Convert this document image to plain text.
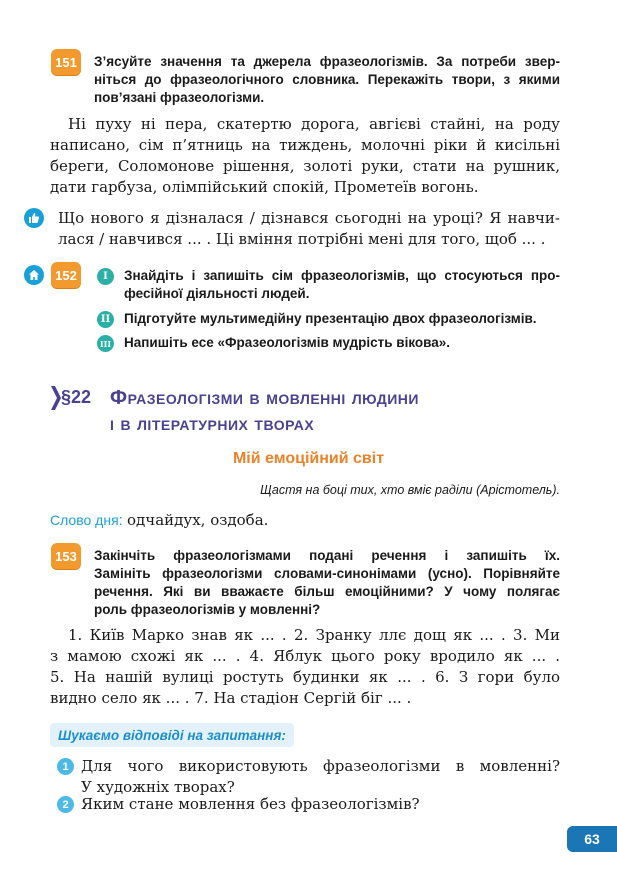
151 З’ясуйте значення та джерела фразеологізмів. За потреби звер-
ніться до фразеологічного словника. Перекажіть твори, з якими
пов’язані фразеологізми.
Ні пуху ні пера, скатертю дорога, авгієві стайні, на роду
написано, сім п’ятниць на тиждень, молочні ріки й кисільні
береги, Соломонове рішення, золоті руки, стати на рушник,
дати гарбуза, олімпійський спокій, Прометеїв вогонь.
Що нового я дізналася / дізнався сьогодні на уроці? Я навчи-
лася / навчився ... . Ці вміння потрібні мені для того, щоб ... .
152	I Знайдіть і запишіть сім фразеологізмів, що стосуються про-
фесійної діяльності людей.
II Підготуйте мультимедійну презентацію двох фразеологізмів.
III Напишіть есе «Фразеологізмів мудрість вікова».
§22 Фразеологізми в мовленні людини
і в літературних творах
Мій емоційний світ
Щастя на боці тих, хто вміє раділи (Арістотель).
Слово дня: одчайдух, оздоба.
153 Закінчіть фразеологізмами подані речення і запишіть їх.
Замініть фразеологізми словами-синонімами (усно). Порівняйте
речення. Які ви вважаєте більш емоційними? У чому полягає
роль фразеологізмів у мовленні?
1. Київ Марко знав як ... . 2. Зранку ллє дощ як ... . 3. Ми
з мамою схожі як ... . 4. Яблук цього року вродило як ... .
5. На нашій вулиці ростуть будинки як ... . 6. З гори було
видно село як ... . 7. На стадіон Сергій біг ... .
Шукаємо відповіді на запитання:
1 Для чого використовують фразеологізми в мовленні?
У художніх творах?
2 Яким стане мовлення без фразеологізмів?
63
